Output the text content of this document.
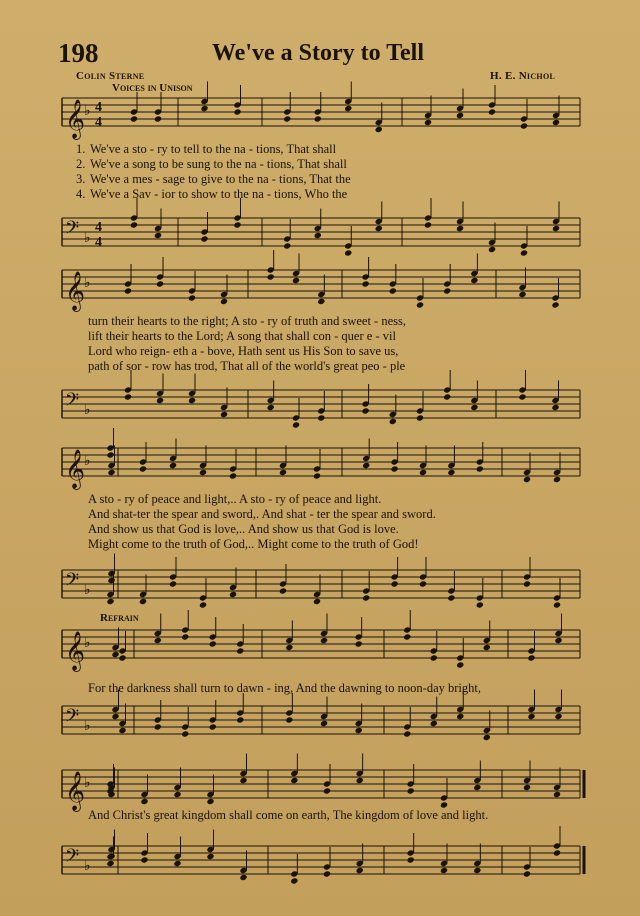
198	We've a Story to Tell
Colin Sterne	H. E. Nichol
Voices in Unison
𝄞
♭ 4
4
1. We've a sto - ry to tell to the na - tions, That shall
2. We've a song to be sung to the na - tions, That shall
3. We've a mes - sage to give to the na - tions, That the
4. We've a Sav - ior to show to the na - tions, Who the
𝄢 ♭
4
4
𝄞
♭
turn their hearts to the right; A sto - ry of truth and sweet - ness,
lift their hearts to the Lord; A song that shall con - quer e - vil
Lord who reign- eth a - bove, Hath sent us His Son to save us,
path of sor - row has trod, That all of the world's great peo - ple
𝄢 ♭
𝄞
♭
A sto - ry of peace and light,.. A sto - ry of peace and light.
And shat-ter the spear and sword,. And shat - ter the spear and sword.
And show us that God is love,.. And show us that God is love.
Might come to the truth of God,.. Might come to the truth of God!
𝄢 ♭
Refrain
𝄞
♭
For the darkness shall turn to dawn - ing, And the dawning to noon-day bright,
𝄢 ♭
𝄞
♭
And Christ's great kingdom shall come on earth, The kingdom of love and light.
𝄢 ♭
